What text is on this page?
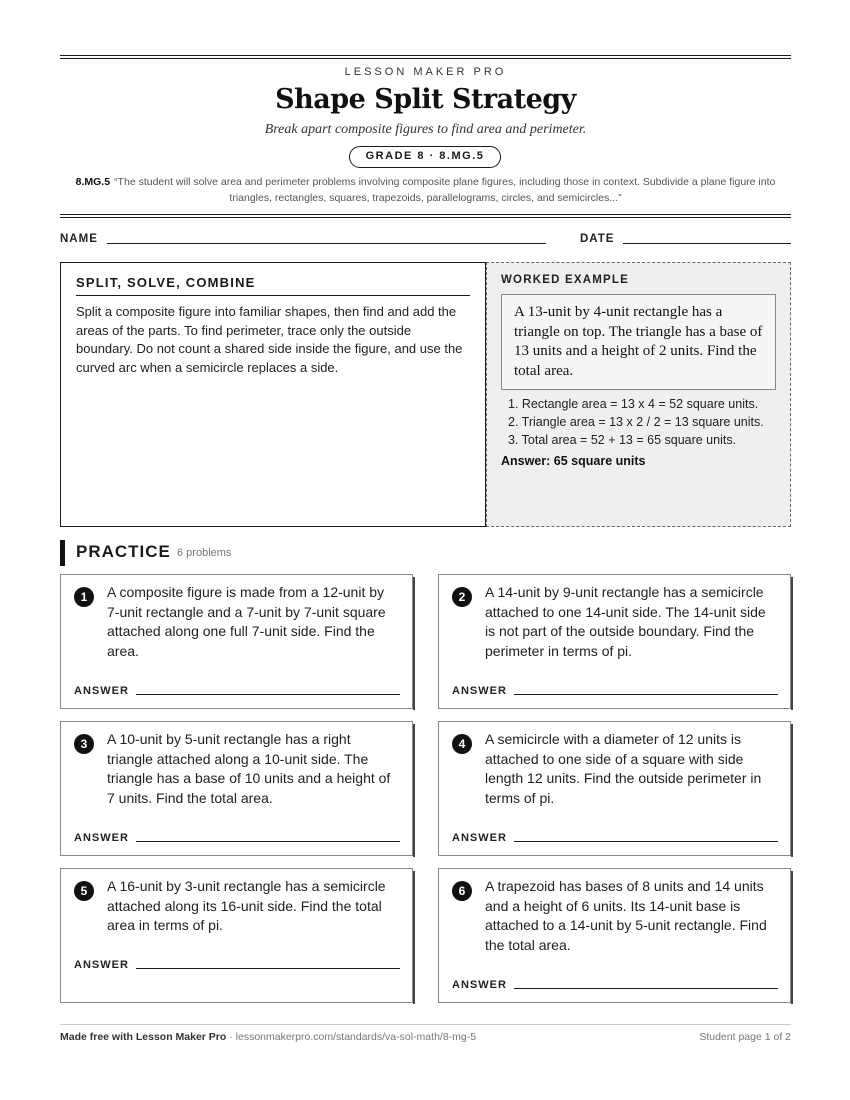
LESSON MAKER PRO
Shape Split Strategy
Break apart composite figures to find area and perimeter.
GRADE 8 · 8.MG.5
8.MG.5 “The student will solve area and perimeter problems involving composite plane figures, including those in context. Subdivide a plane figure into triangles, rectangles, squares, trapezoids, parallelograms, circles, and semicircles...”
NAME	DATE
SPLIT, SOLVE, COMBINE
Split a composite figure into familiar shapes, then find and add the areas of the parts. To find perimeter, trace only the outside boundary. Do not count a shared side inside the figure, and use the curved arc when a semicircle replaces a side.
WORKED EXAMPLE
A 13-unit by 4-unit rectangle has a triangle on top. The triangle has a base of 13 units and a height of 2 units. Find the total area.
1. Rectangle area = 13 x 4 = 52 square units.
2. Triangle area = 13 x 2 / 2 = 13 square units.
3. Total area = 52 + 13 = 65 square units.
Answer: 65 square units
PRACTICE 6 problems
1	A composite figure is made from a 12-unit by 7-unit rectangle and a 7-unit by 7-unit square attached along one full 7-unit side. Find the area.
ANSWER
2	A 14-unit by 9-unit rectangle has a semicircle attached to one 14-unit side. The 14-unit side is not part of the outside boundary. Find the perimeter in terms of pi.
ANSWER
3	A 10-unit by 5-unit rectangle has a right triangle attached along a 10-unit side. The triangle has a base of 10 units and a height of 7 units. Find the total area.
ANSWER
4	A semicircle with a diameter of 12 units is attached to one side of a square with side length 12 units. Find the outside perimeter in terms of pi.
ANSWER
5	A 16-unit by 3-unit rectangle has a semicircle attached along its 16-unit side. Find the total area in terms of pi.
ANSWER
6	A trapezoid has bases of 8 units and 14 units and a height of 6 units. Its 14-unit base is attached to a 14-unit by 5-unit rectangle. Find the total area.
ANSWER
Made free with Lesson Maker Pro · lessonmakerpro.com/standards/va-sol-math/8-mg-5	Student page 1 of 2
